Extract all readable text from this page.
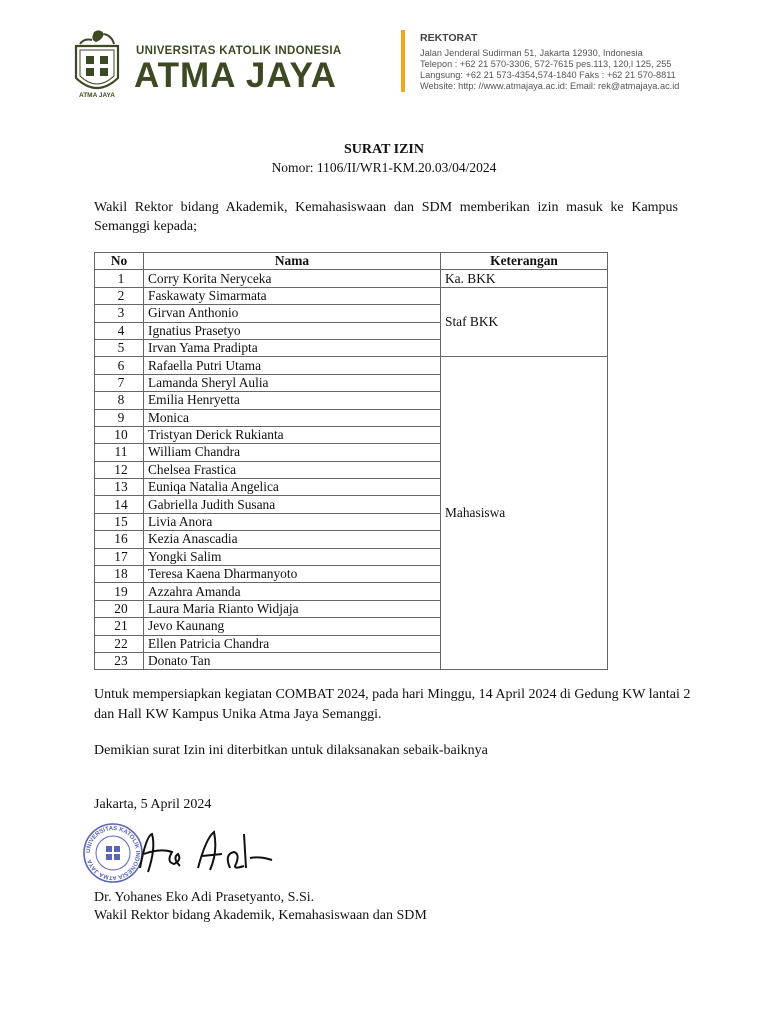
ATMA JAYA
UNIVERSITAS KATOLIK INDONESIA
ATMA JAYA
REKTORAT
Jalan Jenderal Sudirman 51, Jakarta 12930, Indonesia
Telepon : +62 21 570-3306, 572-7615 pes.113, 120,l 125, 255
Langsung: +62 21 573-4354,574-1840 Faks : +62 21 570-8811
Website: http: //www.atmajaya.ac.id: Email: rek@atmajaya.ac.id
SURAT IZIN
Nomor: 1106/II/WR1-KM.20.03/04/2024
Wakil Rektor bidang Akademik, Kemahasiswaan dan SDM memberikan izin masuk ke Kampus Semanggi kepada;
No	Nama	Keterangan
1	Corry Korita Neryceka	Ka. BKK
2	Faskawaty Simarmata	Staf BKK
3	Girvan Anthonio	
4	Ignatius Prasetyo	
5	Irvan Yama Pradipta	
6	Rafaella Putri Utama	Mahasiswa
7	Lamanda Sheryl Aulia	
8	Emilia Henryetta	
9	Monica	
10	Tristyan Derick Rukianta	
11	William Chandra	
12	Chelsea Frastica	
13	Euniqa Natalia Angelica	
14	Gabriella Judith Susana	
15	Livia Anora	
16	Kezia Anascadia	
17	Yongki Salim	
18	Teresa Kaena Dharmanyoto	
19	Azzahra Amanda	
20	Laura Maria Rianto Widjaja	
21	Jevo Kaunang	
22	Ellen Patricia Chandra	
23	Donato Tan	
Untuk mempersiapkan kegiatan COMBAT 2024, pada hari Minggu, 14 April 2024 di Gedung KW lantai 2 dan Hall KW Kampus Unika Atma Jaya Semanggi.
Demikian surat Izin ini diterbitkan untuk dilaksanakan sebaik-baiknya
Jakarta, 5 April 2024
UNIVERSITAS KATOLIK INDONESIA ATMA JAYA
Dr. Yohanes Eko Adi Prasetyanto, S.Si.
Wakil Rektor bidang Akademik, Kemahasiswaan dan SDM
